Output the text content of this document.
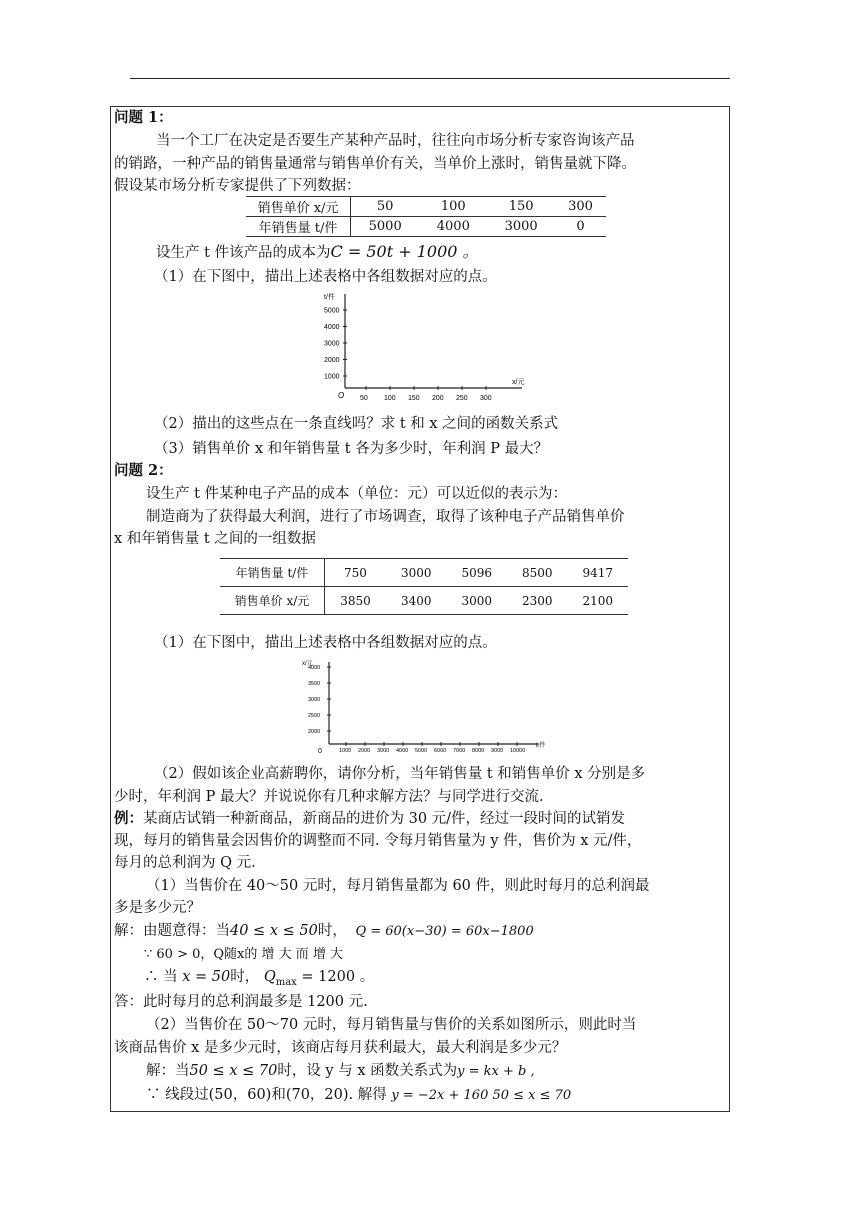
问题 1：
当一个工厂在决定是否要生产某种产品时，往往向市场分析专家咨询该产品
的销路，一种产品的销售量通常与销售单价有关，当单价上涨时，销售量就下降。
假设某市场分析专家提供了下列数据：
销售单价 x/元	50	100	150	300
年销售量 t/件	5000	4000	3000	0
设生产 t 件该产品的成本为C = 50t + 1000 。
（1）在下图中，描出上述表格中各组数据对应的点。
t/件
x/元
O
5000
4000
3000
2000
1000
50 100 150 200 250 300
（2）描出的这些点在一条直线吗？求 t 和 x 之间的函数关系式
（3）销售单价 x 和年销售量 t 各为多少时，年利润 P 最大？
问题 2：
设生产 t 件某种电子产品的成本（单位：元）可以近似的表示为：
制造商为了获得最大利润，进行了市场调查，取得了该种电子产品销售单价
x 和年销售量 t 之间的一组数据
年销售量 t/件	750	3000	5096	8500	9417
销售单价 x/元	3850	3400	3000	2300	2100
（1）在下图中，描出上述表格中各组数据对应的点。
x/元
t/件
0
4000
3500
3000
2500
2000
1000 2000 3000 4000 5000 6000 7000 8000 9000 10000
（2）假如该企业高薪聘你，请你分析，当年销售量 t 和销售单价 x 分别是多
少时，年利润 P 最大？并说说你有几种求解方法？与同学进行交流.
例：某商店试销一种新商品，新商品的进价为 30 元/件，经过一段时间的试销发
现，每月的销售量会因售价的调整而不同. 令每月销售量为 y 件，售价为 x 元/件，
每月的总利润为 Q 元.
（1）当售价在 40～50 元时，每月销售量都为 60 件，则此时每月的总利润最
多是多少元？
解：由题意得：当40 ≤ x ≤ 50时， Q = 60(x−30) = 60x−1800
∵ 60 > 0，Q随x的 增 大 而 增 大
∴ 当 x = 50时， $Q_{max} = 1200$ 。
答：此时每月的总利润最多是 1200 元.
（2）当售价在 50～70 元时，每月销售量与售价的关系如图所示，则此时当
该商品售价 x 是多少元时，该商店每月获利最大，最大利润是多少元？
解：当50 ≤ x ≤ 70时，设 y 与 x 函数关系式为y = kx + b ,
∵ 线段过(50，60)和(70，20). 解得 y = −2x + 160 50 ≤ x ≤ 70
